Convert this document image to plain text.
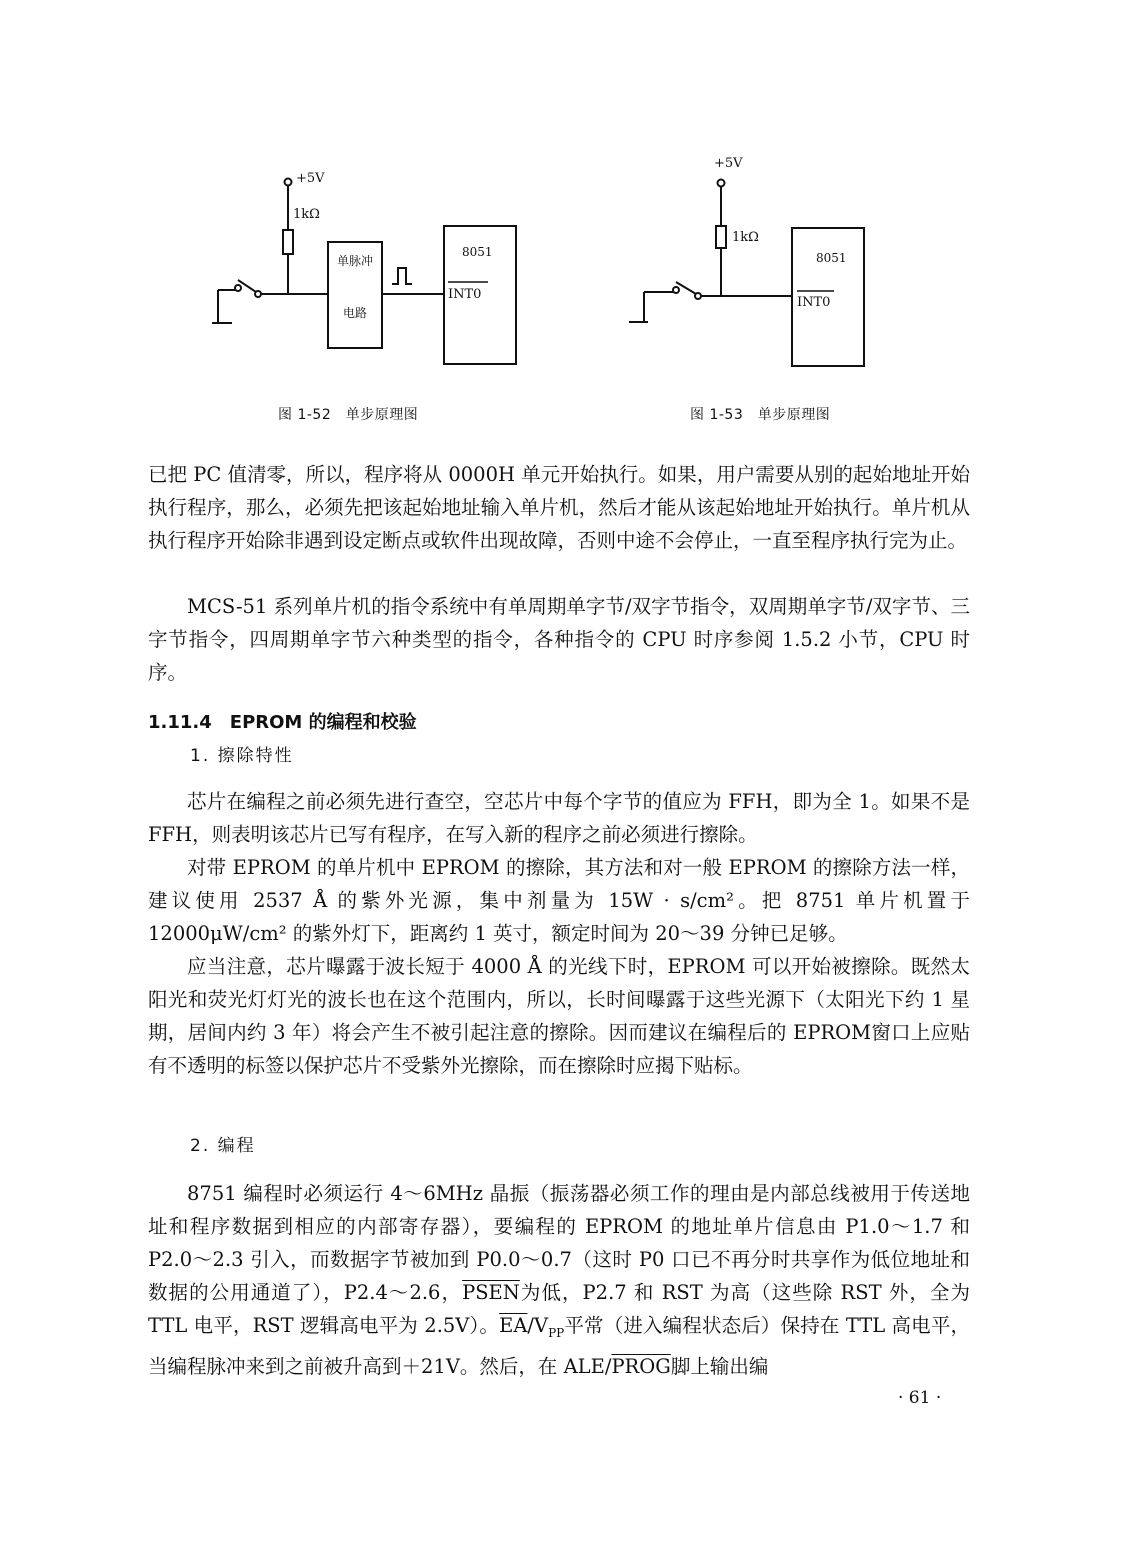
+5V
1kΩ
单脉冲
电路
8051
INT0
图 1-52　单步原理图
+5V
1kΩ
8051
INT0
图 1-53　单步原理图

已把 PC 值清零，所以，程序将从 0000H 单元开始执行。如果，用户需要从别的起始地址开始执行程序，那么，必须先把该起始地址输入单片机，然后才能从该起始地址开始执行。单片机从执行程序开始除非遇到设定断点或软件出现故障，否则中途不会停止，一直至程序执行完为止。

MCS-51 系列单片机的指令系统中有单周期单字节/双字节指令，双周期单字节/双字节、三字节指令，四周期单字节六种类型的指令，各种指令的 CPU 时序参阅 1.5.2 小节，CPU 时序。

1.11.4 EPROM 的编程和校验
1. 擦除特性

芯片在编程之前必须先进行查空，空芯片中每个字节的值应为 FFH，即为全 1。如果不是 FFH，则表明该芯片已写有程序，在写入新的程序之前必须进行擦除。

对带 EPROM 的单片机中 EPROM 的擦除，其方法和对一般 EPROM 的擦除方法一样，建议使用 2537 Å 的紫外光源，集中剂量为 15W · s/cm²。把 8751 单片机置于 12000μW/cm² 的紫外灯下，距离约 1 英寸，额定时间为 20～39 分钟已足够。

应当注意，芯片曝露于波长短于 4000 Å 的光线下时，EPROM 可以开始被擦除。既然太阳光和荧光灯灯光的波长也在这个范围内，所以，长时间曝露于这些光源下（太阳光下约 1 星期，居间内约 3 年）将会产生不被引起注意的擦除。因而建议在编程后的 EPROM窗口上应贴有不透明的标签以保护芯片不受紫外光擦除，而在擦除时应揭下贴标。

2. 编程

8751 编程时必须运行 4～6MHz 晶振（振荡器必须工作的理由是内部总线被用于传送地址和程序数据到相应的内部寄存器），要编程的 EPROM 的地址单片信息由 P1.0～1.7 和 P2.0～2.3 引入，而数据字节被加到 P0.0～0.7（这时 P0 口已不再分时共享作为低位地址和数据的公用通道了），P2.4～2.6，PSEN为低，P2.7 和 RST 为高（这些除 RST 外，全为 TTL 电平，RST 逻辑高电平为 2.5V）。$\overline{EA}/V_{PP}$平常（进入编程状态后）保持在 TTL 高电平，当编程脉冲来到之前被升高到＋21V。然后，在 ALE/PROG脚上输出编

· 61 ·
